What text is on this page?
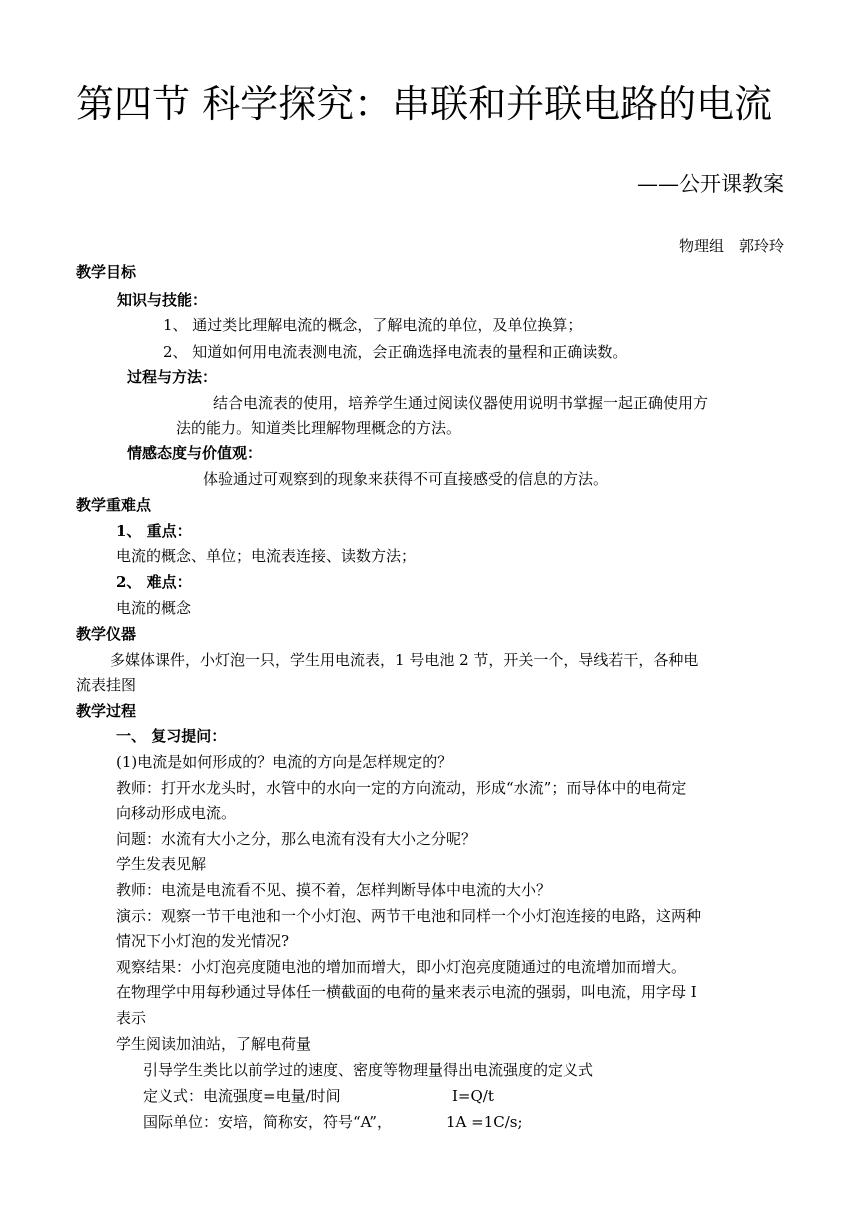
第四节 科学探究：串联和并联电路的电流
——公开课教案
物理组　郭玲玲
教学目标
知识与技能：
1、 通过类比理解电流的概念，了解电流的单位，及单位换算；
2、 知道如何用电流表测电流，会正确选择电流表的量程和正确读数。
过程与方法：
结合电流表的使用，培养学生通过阅读仪器使用说明书掌握一起正确使用方
法的能力。知道类比理解物理概念的方法。
情感态度与价值观：
体验通过可观察到的现象来获得不可直接感受的信息的方法。
教学重难点
1、 重点：
电流的概念、单位；电流表连接、读数方法；
2、 难点：
电流的概念
教学仪器
多媒体课件，小灯泡一只，学生用电流表，1 号电池 2 节，开关一个，导线若干，各种电
流表挂图
教学过程
一、 复习提问：
(1)电流是如何形成的？电流的方向是怎样规定的？
教师：打开水龙头时，水管中的水向一定的方向流动，形成“水流”；而导体中的电荷定
向移动形成电流。
问题：水流有大小之分，那么电流有没有大小之分呢？
学生发表见解
教师：电流是电流看不见、摸不着，怎样判断导体中电流的大小？
演示：观察一节干电池和一个小灯泡、两节干电池和同样一个小灯泡连接的电路，这两种
情况下小灯泡的发光情况?
观察结果：小灯泡亮度随电池的增加而增大，即小灯泡亮度随通过的电流增加而增大。
在物理学中用每秒通过导体任一横截面的电荷的量来表示电流的强弱，叫电流，用字母 I
表示
学生阅读加油站，了解电荷量
引导学生类比以前学过的速度、密度等物理量得出电流强度的定义式
定义式：电流强度=电量/时间	I=Q/t
国际单位：安培，简称安，符号“A”，	1A =1C/s;
